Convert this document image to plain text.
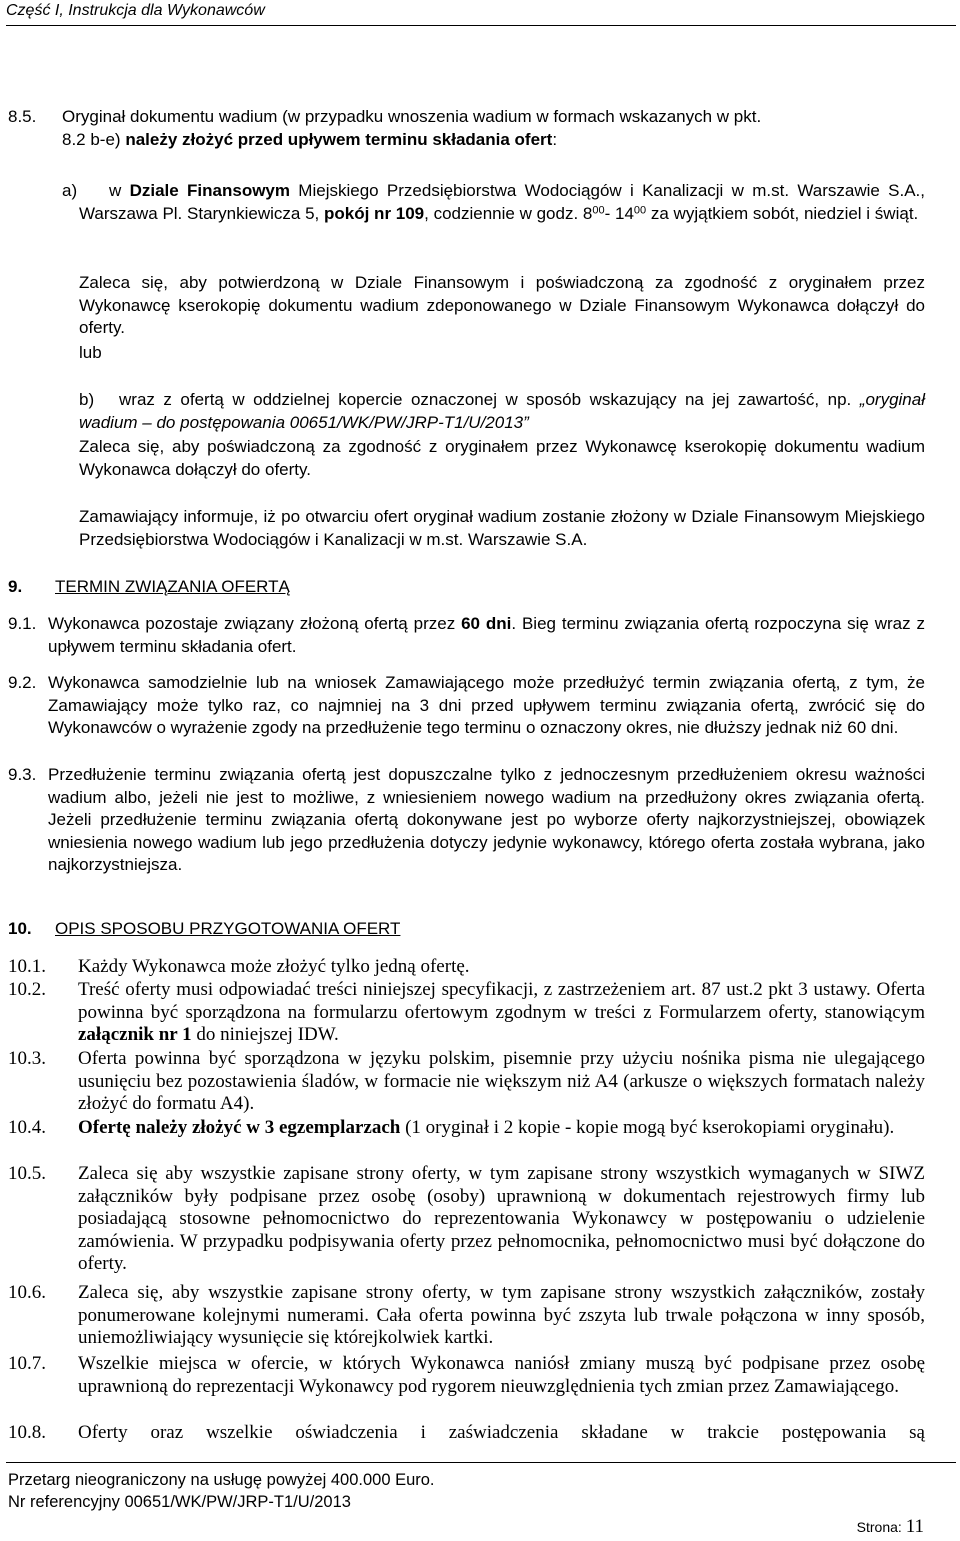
Część I, Instrukcja dla Wykonawców
8.5. Oryginał dokumentu wadium (w przypadku wnoszenia wadium w formach wskazanych w pkt.
8.2 b-e) należy złożyć przed upływem terminu składania ofert:
a)	w Dziale Finansowym Miejskiego Przedsiębiorstwa Wodociągów i Kanalizacji w m.st. Warszawie S.A., Warszawa Pl. Starynkiewicza 5, pokój nr 109, codziennie w godz. $8^{00}-$ $14^{00}$ za wyjątkiem sobót, niedziel i świąt.
Zaleca się, aby potwierdzoną w Dziale Finansowym i poświadczoną za zgodność z oryginałem przez Wykonawcę kserokopię dokumentu wadium zdeponowanego w Dziale Finansowym Wykonawca dołączył do oferty.
lub
b)	wraz z ofertą w oddzielnej kopercie oznaczonej w sposób wskazujący na jej zawartość, np. „oryginał wadium – do postępowania 00651/WK/PW/JRP-T1/U/2013”
Zaleca się, aby poświadczoną za zgodność z oryginałem przez Wykonawcę kserokopię dokumentu wadium Wykonawca dołączył do oferty.
Zamawiający informuje, iż po otwarciu ofert oryginał wadium zostanie złożony w Dziale Finansowym Miejskiego Przedsiębiorstwa Wodociągów i Kanalizacji w m.st. Warszawie S.A.
9. TERMIN ZWIĄZANIA OFERTĄ
9.1. Wykonawca pozostaje związany złożoną ofertą przez 60 dni. Bieg terminu związania ofertą rozpoczyna się wraz z upływem terminu składania ofert.
9.2. Wykonawca samodzielnie lub na wniosek Zamawiającego może przedłużyć termin związania ofertą, z tym, że Zamawiający może tylko raz, co najmniej na 3 dni przed upływem terminu związania ofertą, zwrócić się do Wykonawców o wyrażenie zgody na przedłużenie tego terminu o oznaczony okres, nie dłuższy jednak niż 60 dni.
9.3. Przedłużenie terminu związania ofertą jest dopuszczalne tylko z jednoczesnym przedłużeniem okresu ważności wadium albo, jeżeli nie jest to możliwe, z wniesieniem nowego wadium na przedłużony okres związania ofertą. Jeżeli przedłużenie terminu związania ofertą dokonywane jest po wyborze oferty najkorzystniejszej, obowiązek wniesienia nowego wadium lub jego przedłużenia dotyczy jedynie wykonawcy, którego oferta została wybrana, jako najkorzystniejsza.
10. OPIS SPOSOBU PRZYGOTOWANIA OFERT
10.1. Każdy Wykonawca może złożyć tylko jedną ofertę.
10.2. Treść oferty musi odpowiadać treści niniejszej specyfikacji, z zastrzeżeniem art. 87 ust.2 pkt 3 ustawy. Oferta powinna być sporządzona na formularzu ofertowym zgodnym w treści z Formularzem oferty, stanowiącym załącznik nr 1 do niniejszej IDW.
10.3. Oferta powinna być sporządzona w języku polskim, pisemnie przy użyciu nośnika pisma nie ulegającego usunięciu bez pozostawienia śladów, w formacie nie większym niż A4 (arkusze o większych formatach należy złożyć do formatu A4).
10.4. Ofertę należy złożyć w 3 egzemplarzach (1 oryginał i 2 kopie - kopie mogą być kserokopiami oryginału).
10.5. Zaleca się aby wszystkie zapisane strony oferty, w tym zapisane strony wszystkich wymaganych w SIWZ załączników były podpisane przez osobę (osoby) uprawnioną w dokumentach rejestrowych firmy lub posiadającą stosowne pełnomocnictwo do reprezentowania Wykonawcy w postępowaniu o udzielenie zamówienia. W przypadku podpisywania oferty przez pełnomocnika, pełnomocnictwo musi być dołączone do oferty.
10.6. Zaleca się, aby wszystkie zapisane strony oferty, w tym zapisane strony wszystkich załączników, zostały ponumerowane kolejnymi numerami. Cała oferta powinna być zszyta lub trwale połączona w inny sposób, uniemożliwiający wysunięcie się którejkolwiek kartki.
10.7. Wszelkie miejsca w ofercie, w których Wykonawca naniósł zmiany muszą być podpisane przez osobę uprawnioną do reprezentacji Wykonawcy pod rygorem nieuwzględnienia tych zmian przez Zamawiającego.
10.8. Oferty oraz wszelkie oświadczenia i zaświadczenia składane w trakcie postępowania są
Przetarg nieograniczony na usługę powyżej 400.000 Euro.
Nr referencyjny 00651/WK/PW/JRP-T1/U/2013
Strona: 11
